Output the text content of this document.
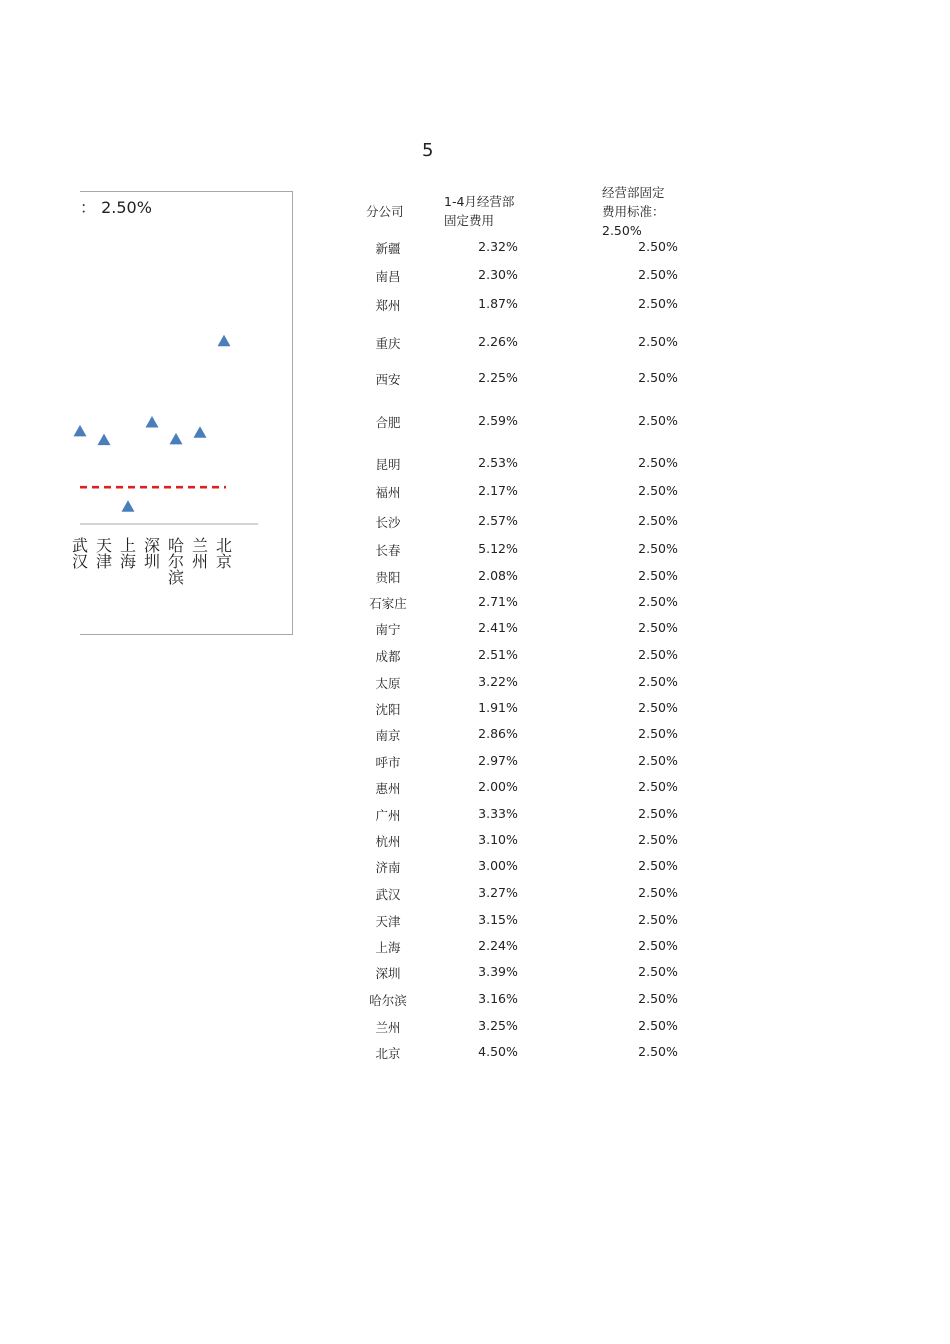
5
： 2.50%
武汉
天津
上海
深圳
哈尔滨
兰州
北京
分公司
1-4月经营部固定费用
经营部固定费用标准：2.50%
新疆	2.32%	2.50%
南昌	2.30%	2.50%
郑州	1.87%	2.50%
重庆	2.26%	2.50%
西安	2.25%	2.50%
合肥	2.59%	2.50%
昆明	2.53%	2.50%
福州	2.17%	2.50%
长沙	2.57%	2.50%
长春	5.12%	2.50%
贵阳	2.08%	2.50%
石家庄	2.71%	2.50%
南宁	2.41%	2.50%
成都	2.51%	2.50%
太原	3.22%	2.50%
沈阳	1.91%	2.50%
南京	2.86%	2.50%
呼市	2.97%	2.50%
惠州	2.00%	2.50%
广州	3.33%	2.50%
杭州	3.10%	2.50%
济南	3.00%	2.50%
武汉	3.27%	2.50%
天津	3.15%	2.50%
上海	2.24%	2.50%
深圳	3.39%	2.50%
哈尔滨	3.16%	2.50%
兰州	3.25%	2.50%
北京	4.50%	2.50%
